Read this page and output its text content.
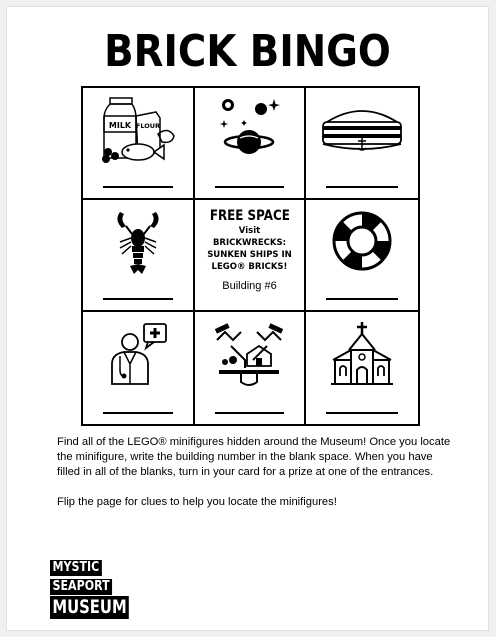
BRICK BINGO
MILK FLOUR
FREE SPACE
Visit
BRICKWRECKS:
SUNKEN SHIPS IN
LEGO® BRICKS!
Building #6

Find all of the LEGO® minifigures hidden around the Museum! Once you locate the minifigure, write the building number in the blank space. When you have filled in all of the blanks, turn in your card for a prize at one of the entrances.

Flip the page for clues to help you locate the minifigures!

MYSTIC
SEAPORT
MUSEUM
